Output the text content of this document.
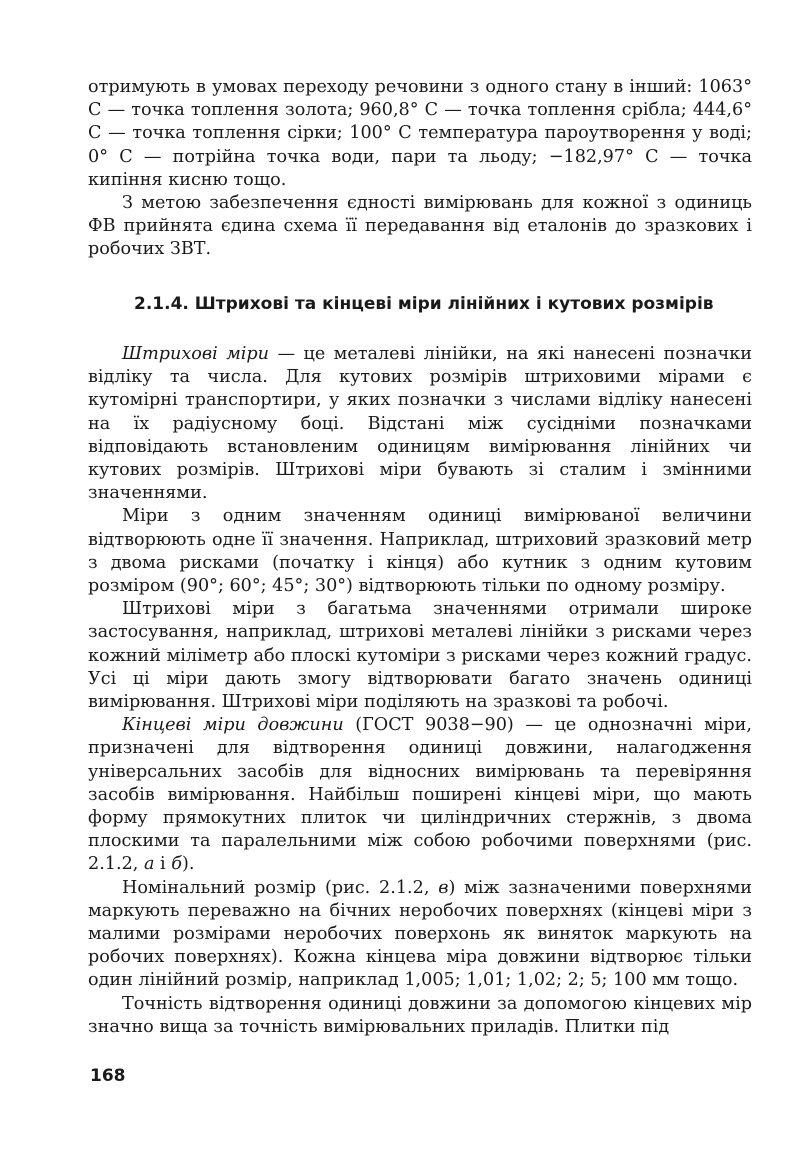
отримують в умовах переходу речовини з одного стану в інший: 1063° С — точка топлення золота; 960,8° С — точка топлення срібла; 444,6° С — точка топлення сірки; 100° С температура пароутворення у воді; 0° С — потрійна точка води, пари та льоду; −182,97° С — точка кипіння кисню тощо.

З метою забезпечення єдності вимірювань для кожної з одиниць ФВ прийнята єдина схема її передавання від еталонів до зразкових і робочих ЗВТ.

2.1.4. Штрихові та кінцеві міри лінійних і кутових розмірів

Штрихові міри — це металеві лінійки, на які нанесені позначки відліку та числа. Для кутових розмірів штриховими мірами є кутомірні транспортири, у яких позначки з числами відліку нанесені на їх радіусному боці. Відстані між сусідніми позначками відповідають встановленим одиницям вимірювання лінійних чи кутових розмірів. Штрихові міри бувають зі сталим і змінними значеннями.

Міри з одним значенням одиниці вимірюваної величини відтворюють одне її значення. Наприклад, штриховий зразковий метр з двома рисками (початку і кінця) або кутник з одним кутовим розміром (90°; 60°; 45°; 30°) відтворюють тільки по одному розміру.

Штрихові міри з багатьма значеннями отримали широке застосування, наприклад, штрихові металеві лінійки з рисками через кожний міліметр або плоскі кутоміри з рисками через кожний градус. Усі ці міри дають змогу відтворювати багато значень одиниці вимірювання. Штрихові міри поділяють на зразкові та робочі.

Кінцеві міри довжини (ГОСТ 9038−90) — це однозначні міри, призначені для відтворення одиниці довжини, налагодження універсальних засобів для відносних вимірювань та перевіряння засобів вимірювання. Найбільш поширені кінцеві міри, що мають форму прямокутних плиток чи циліндричних стержнів, з двома плоскими та паралельними між собою робочими поверхнями (рис. 2.1.2, а і б).

Номінальний розмір (рис. 2.1.2, в) між зазначеними поверхнями маркують переважно на бічних неробочих поверхнях (кінцеві міри з малими розмірами неробочих поверхонь як виняток маркують на робочих поверхнях). Кожна кінцева міра довжини відтворює тільки один лінійний розмір, наприклад 1,005; 1,01; 1,02; 2; 5; 100 мм тощо.

Точність відтворення одиниці довжини за допомогою кінцевих мір значно вища за точність вимірювальних приладів. Плитки під

168
